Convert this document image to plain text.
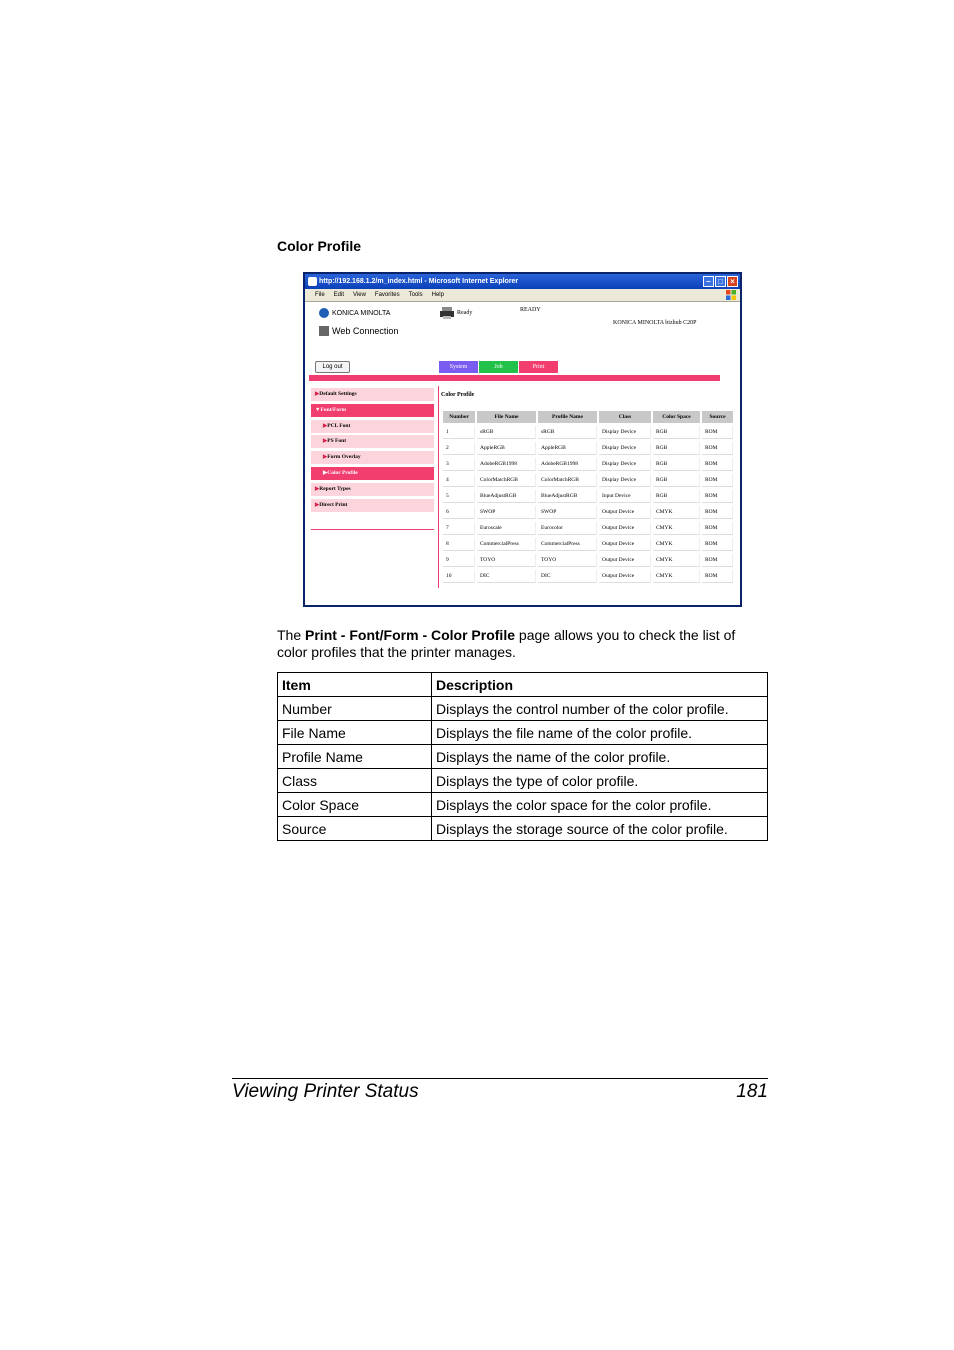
Color Profile
http://192.168.1.2/m_index.html - Microsoft Internet Explorer	– □ ×
File Edit View Favorites Tools Help
KONICA MINOLTA
Web Connection
Ready	READY
KONICA MINOLTA bizhub C20P
Log out	System	Job	Print
▶Default Settings
▼Font/Form
▶PCL Font
▶PS Font
▶Form Overlay
▶Color Profile
▶Report Types
▶Direct Print
Color Profile
Number	File Name	Profile Name	Class	Color Space	Source
1	sRGB	sRGB	Display Device	RGB	ROM
2	AppleRGB	AppleRGB	Display Device	RGB	ROM
3	AdobeRGB1998	AdobeRGB1998	Display Device	RGB	ROM
4	ColorMatchRGB	ColorMatchRGB	Display Device	RGB	ROM
5	BlueAdjustRGB	BlueAdjustRGB	Input Device	RGB	ROM
6	SWOP	SWOP	Output Device	CMYK	ROM
7	Euroscale	Eurocolor	Output Device	CMYK	ROM
8	CommercialPress	CommercialPress	Output Device	CMYK	ROM
9	TOYO	TOYO	Output Device	CMYK	ROM
10	DIC	DIC	Output Device	CMYK	ROM
The Print - Font/Form - Color Profile page allows you to check the list of color profiles that the printer manages.
Item	Description
Number	Displays the control number of the color profile.
File Name	Displays the file name of the color profile.
Profile Name	Displays the name of the color profile.
Class	Displays the type of color profile.
Color Space	Displays the color space for the color profile.
Source	Displays the storage source of the color profile.
Viewing Printer Status	181
